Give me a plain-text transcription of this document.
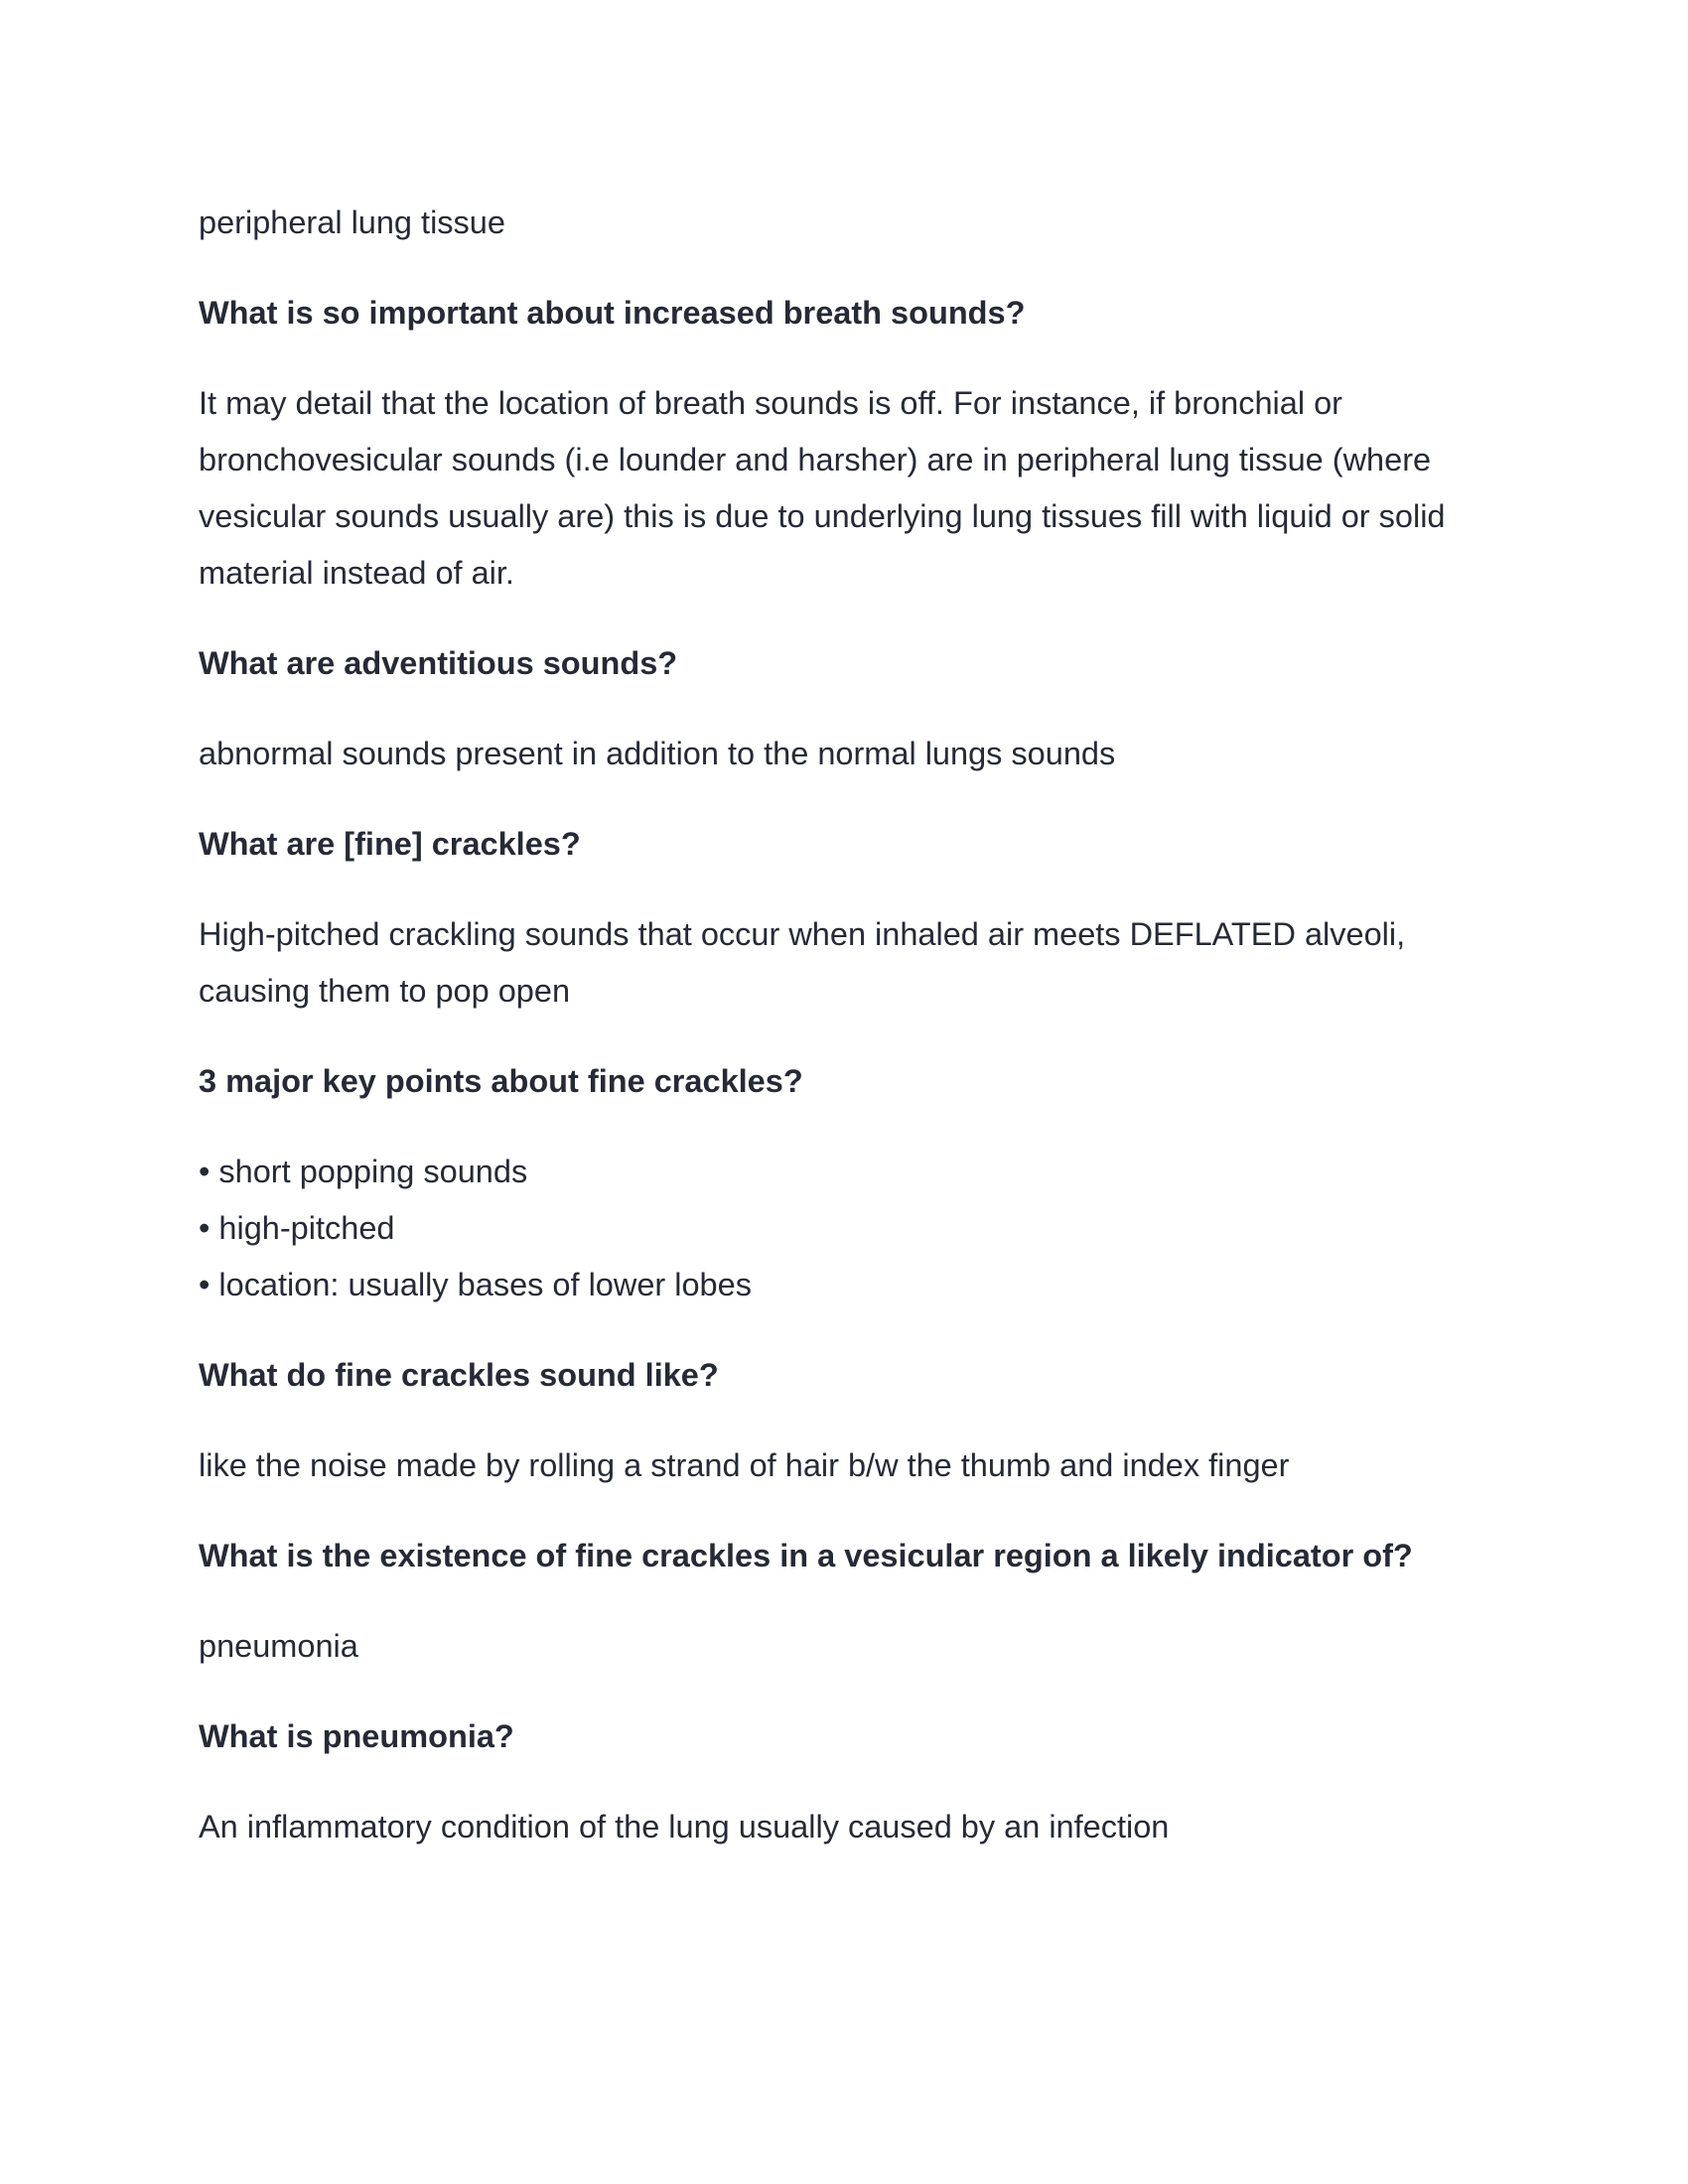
peripheral lung tissue

What is so important about increased breath sounds?

It may detail that the location of breath sounds is off. For instance, if bronchial or

bronchovesicular sounds (i.e lounder and harsher) are in peripheral lung tissue (where

vesicular sounds usually are) this is due to underlying lung tissues fill with liquid or solid

material instead of air.

What are adventitious sounds?

abnormal sounds present in addition to the normal lungs sounds

What are [fine] crackles?

High-pitched crackling sounds that occur when inhaled air meets DEFLATED alveoli,

causing them to pop open

3 major key points about fine crackles?

• short popping sounds

• high-pitched

• location: usually bases of lower lobes

What do fine crackles sound like?

like the noise made by rolling a strand of hair b/w the thumb and index finger

What is the existence of fine crackles in a vesicular region a likely indicator of?

pneumonia

What is pneumonia?

An inflammatory condition of the lung usually caused by an infection
